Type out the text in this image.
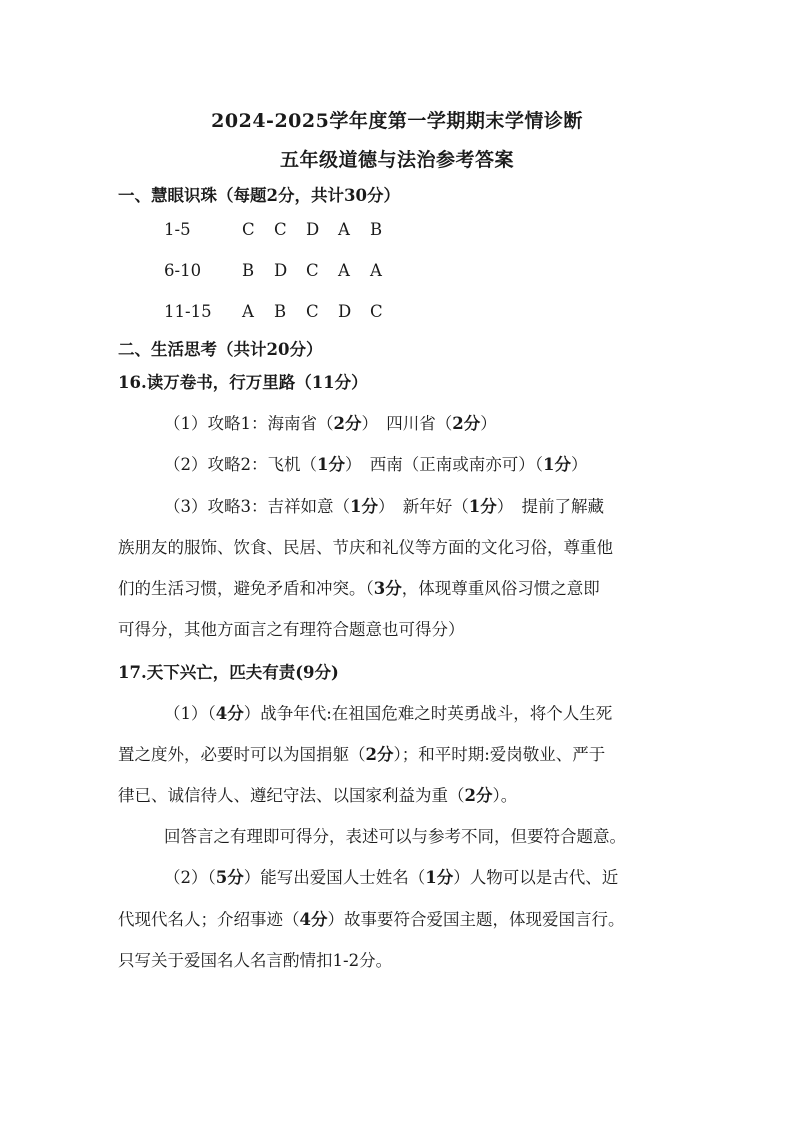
2024-2025学年度第一学期期末学情诊断
五年级道德与法治参考答案
一、慧眼识珠（每题2分，共计30分）
1-5	C C D A B
6-10 B D C A A
11-15 A B C D C
二、生活思考（共计20分）
16.读万卷书，行万里路（11分）
（1）攻略1：海南省（2分）　四川省（2分）
（2）攻略2：飞机（1分）　西南（正南或南亦可）（1分）
（3）攻略3：吉祥如意（1分）　新年好（1分）　提前了解藏
族朋友的服饰、饮食、民居、节庆和礼仪等方面的文化习俗，尊重他
们的生活习惯，避免矛盾和冲突。（3分，体现尊重风俗习惯之意即
可得分，其他方面言之有理符合题意也可得分）
17.天下兴亡，匹夫有责(9分)
（1）（4分）战争年代:在祖国危难之时英勇战斗，将个人生死
置之度外，必要时可以为国捐躯（2分）；和平时期:爱岗敬业、严于
律已、诚信待人、遵纪守法、以国家利益为重（2分）。
回答言之有理即可得分，表述可以与参考不同，但要符合题意。
（2）（5分）能写出爱国人士姓名（1分）人物可以是古代、近
代现代名人；介绍事迹（4分）故事要符合爱国主题，体现爱国言行。
只写关于爱国名人名言酌情扣1-2分。
